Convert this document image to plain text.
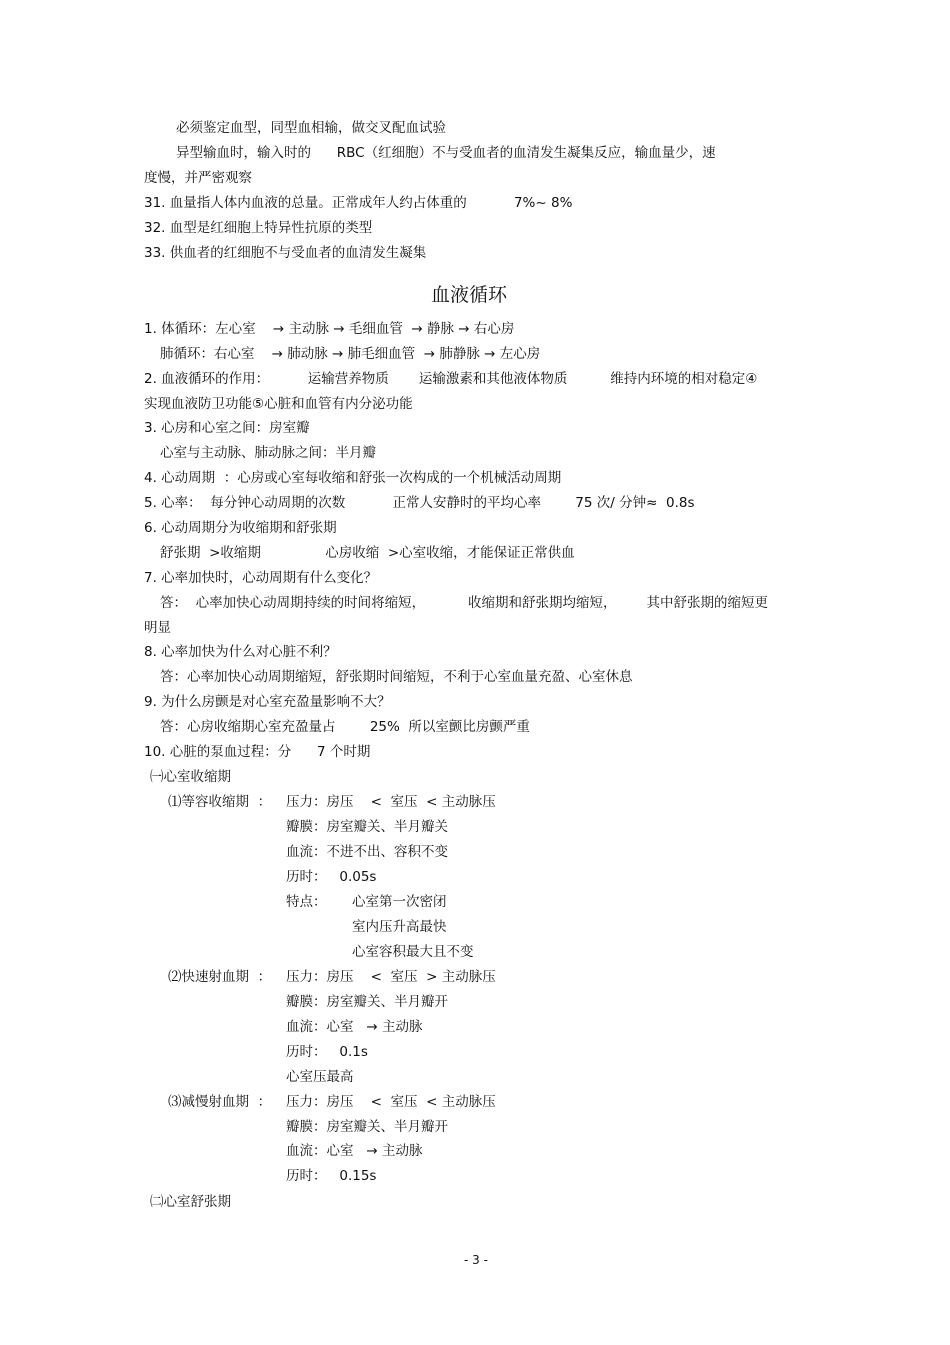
必须鉴定血型，同型血相输，做交叉配血试验
异型输血时，输入时的      RBC（红细胞）不与受血者的血清发生凝集反应，输血量少，速
度慢，并严密观察
31. 血量指人体内血液的总量。正常成年人约占体重的           7%~ 8%
32. 血型是红细胞上特异性抗原的类型
33. 供血者的红细胞不与受血者的血清发生凝集
血液循环
1. 体循环：左心室    → 主动脉 → 毛细血管  → 静脉 → 右心房
肺循环：右心室    → 肺动脉 → 肺毛细血管  → 肺静脉 → 左心房
2. 血液循环的作用：         运输营养物质       运输激素和其他液体物质          维持内环境的相对稳定④
实现血液防卫功能⑤心脏和血管有内分泌功能
3. 心房和心室之间：房室瓣
心室与主动脉、肺动脉之间：半月瓣
4. 心动周期  ：心房或心室每收缩和舒张一次构成的一个机械活动周期
5. 心率：  每分钟心动周期的次数           正常人安静时的平均心率        75 次/ 分钟≈  0.8s
6. 心动周期分为收缩期和舒张期
舒张期  >收缩期               心房收缩  >心室收缩，才能保证正常供血
7. 心率加快时，心动周期有什么变化？
答：  心率加快心动周期持续的时间将缩短，          收缩期和舒张期均缩短，       其中舒张期的缩短更
明显
8. 心率加快为什么对心脏不利？
答：心率加快心动周期缩短，舒张期时间缩短，不利于心室血量充盈、心室休息
9. 为什么房颤是对心室充盈量影响不大？
答：心房收缩期心室充盈量占        25%  所以室颤比房颤严重
10. 心脏的泵血过程：分      7 个时期
㈠心室收缩期
⑴等容收缩期  ： 压力：房压    <  室压  < 主动脉压
瓣膜：房室瓣关、半月瓣关
血流：不进不出、容积不变
历时：   0.05s
特点： 心室第一次密闭
室内压升高最快
心室容积最大且不变
⑵快速射血期  ： 压力：房压    <  室压  > 主动脉压
瓣膜：房室瓣关、半月瓣开
血流：心室   → 主动脉
历时：   0.1s
心室压最高
⑶减慢射血期  ： 压力：房压    <  室压  < 主动脉压
瓣膜：房室瓣关、半月瓣开
血流：心室   → 主动脉
历时：   0.15s
㈡心室舒张期
- 3 -
